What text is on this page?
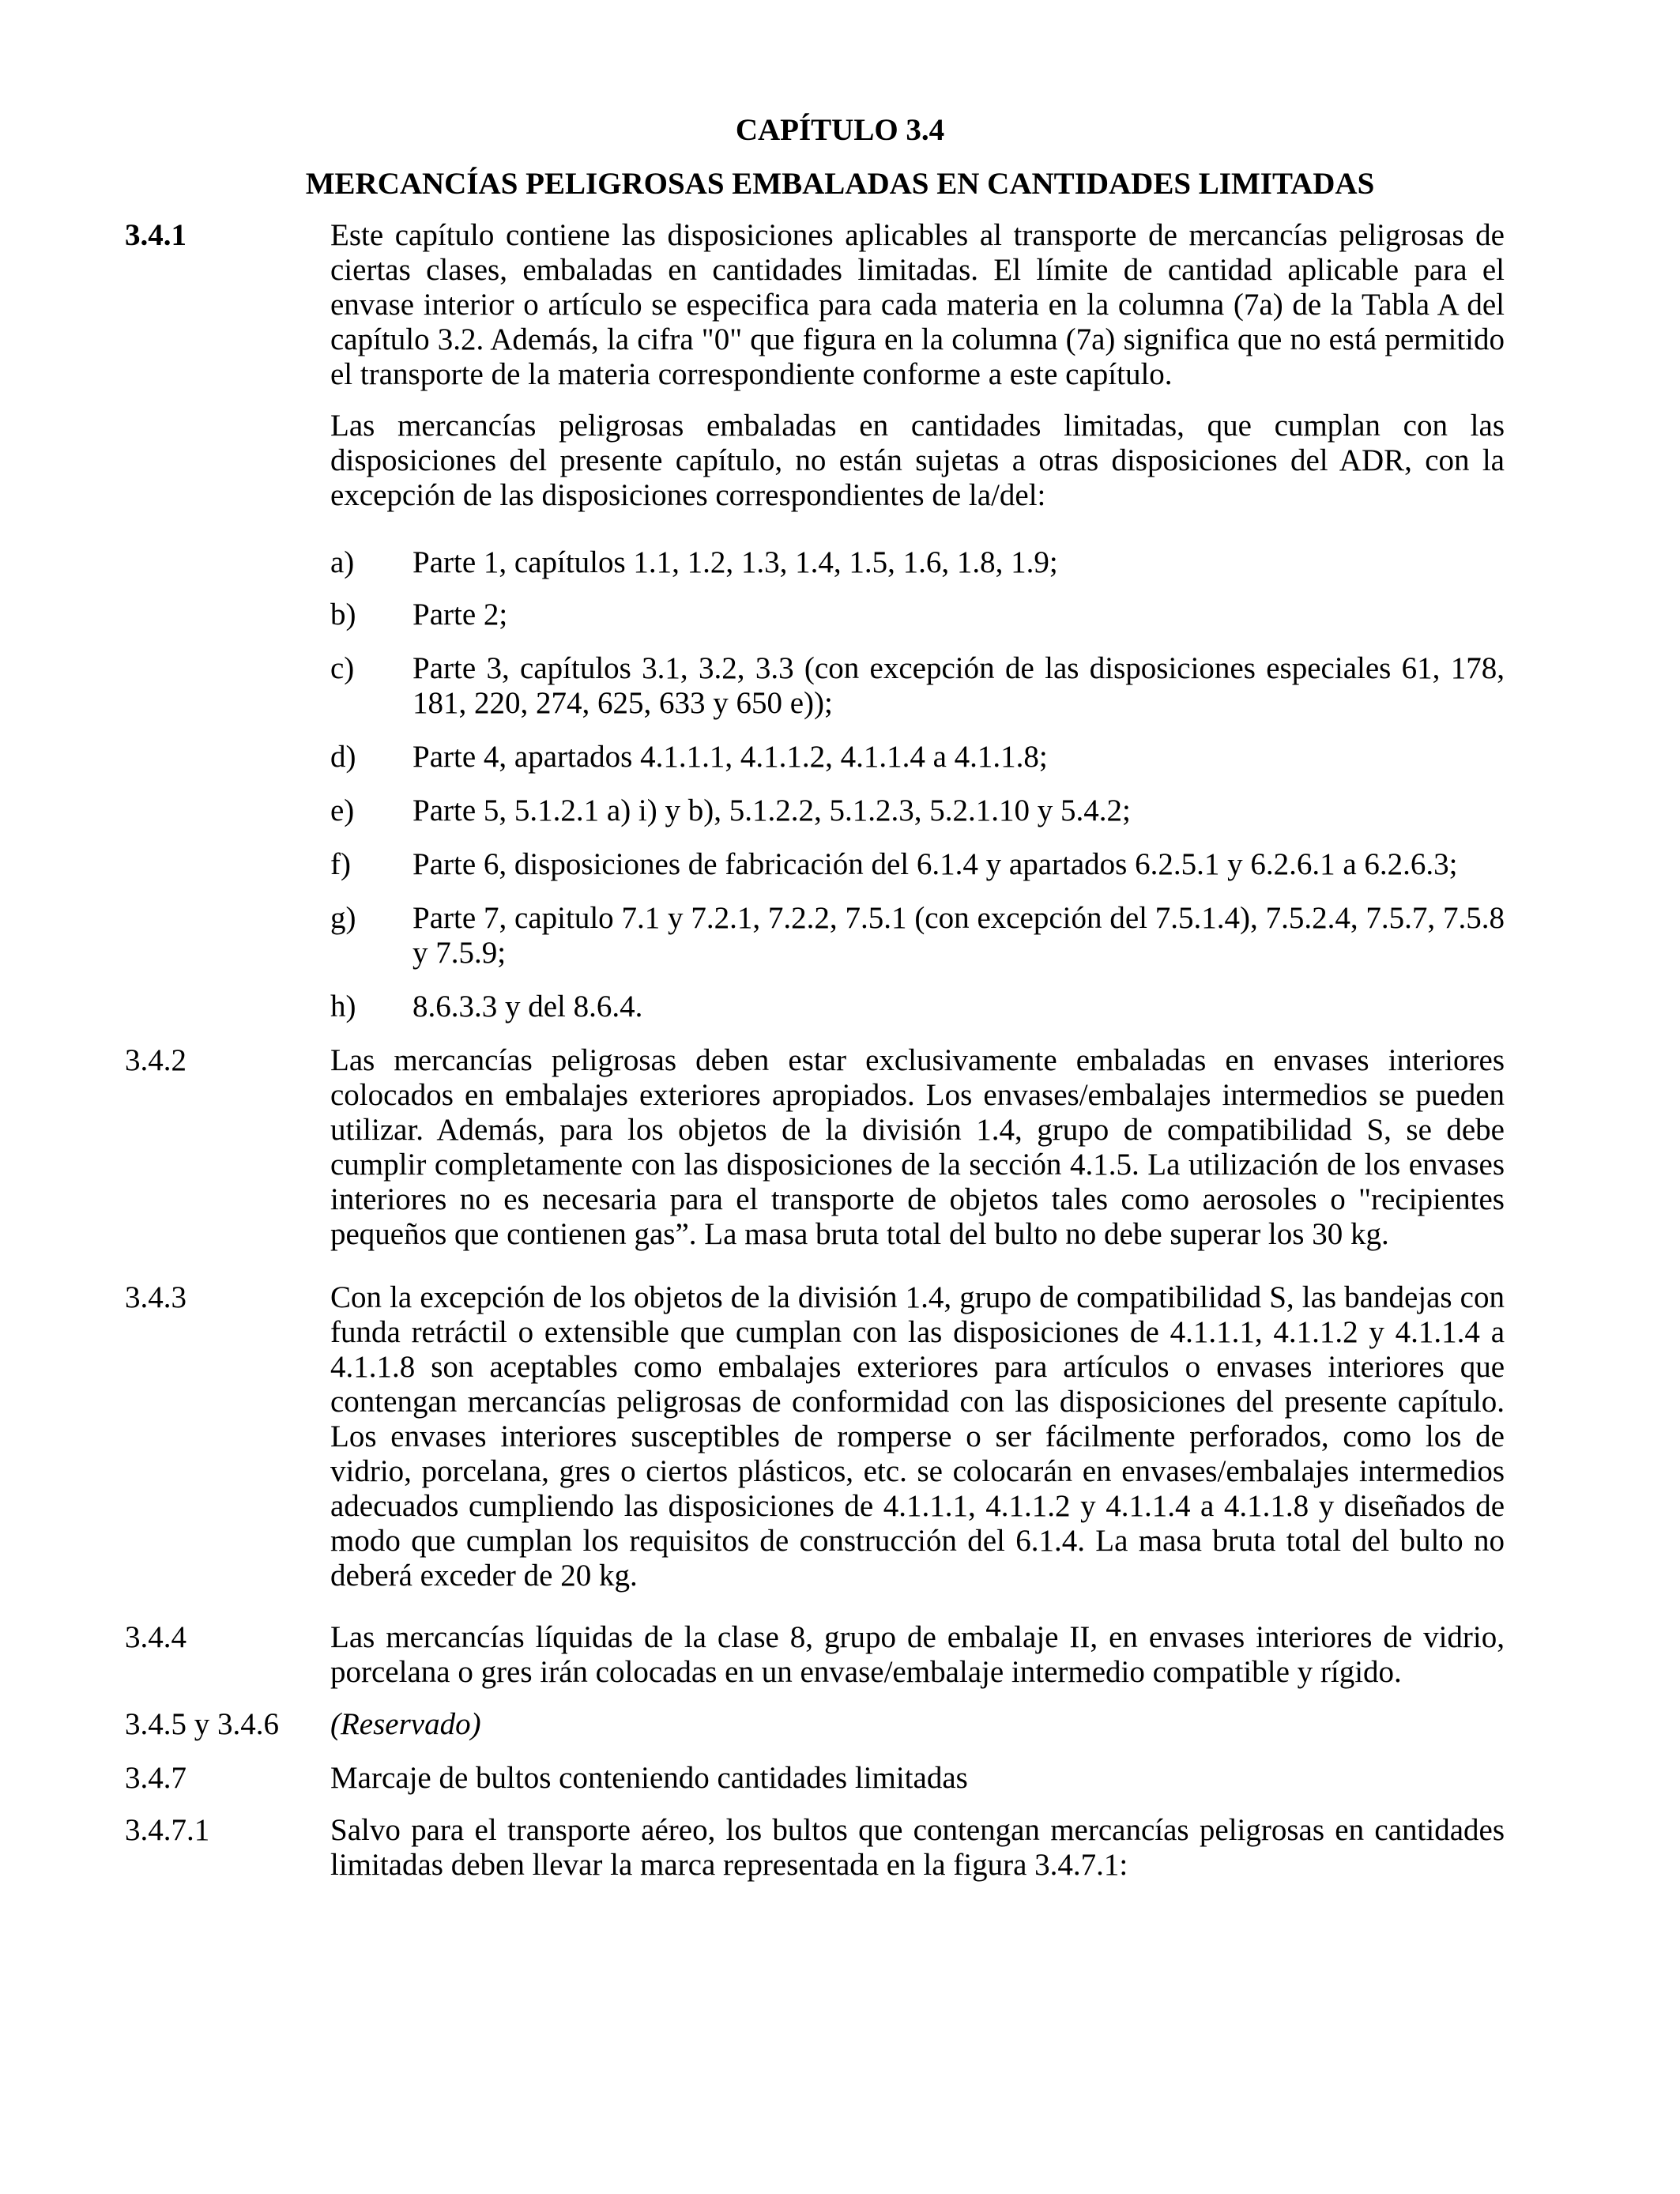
CAPÍTULO 3.4
MERCANCÍAS PELIGROSAS EMBALADAS EN CANTIDADES LIMITADAS
3.4.1	Este capítulo contiene las disposiciones aplicables al transporte de mercancías peligrosas de ciertas clases, embaladas en cantidades limitadas. El límite de cantidad aplicable para el envase interior o artículo se especifica para cada materia en la columna (7a) de la Tabla A del capítulo 3.2. Además, la cifra "0" que figura en la columna (7a) significa que no está permitido el transporte de la materia correspondiente conforme a este capítulo.

Las mercancías peligrosas embaladas en cantidades limitadas, que cumplan con las disposiciones del presente capítulo, no están sujetas a otras disposiciones del ADR, con la excepción de las disposiciones correspondientes de la/del:

a) Parte 1, capítulos 1.1, 1.2, 1.3, 1.4, 1.5, 1.6, 1.8, 1.9;
b) Parte 2;
c) Parte 3, capítulos 3.1, 3.2, 3.3 (con excepción de las disposiciones especiales 61, 178, 181, 220, 274, 625, 633 y 650 e));
d) Parte 4, apartados 4.1.1.1, 4.1.1.2, 4.1.1.4 a 4.1.1.8;
e) Parte 5, 5.1.2.1 a) i) y b), 5.1.2.2, 5.1.2.3, 5.2.1.10 y 5.4.2;
f) Parte 6, disposiciones de fabricación del 6.1.4 y apartados 6.2.5.1 y 6.2.6.1 a 6.2.6.3;
g) Parte 7, capitulo 7.1 y 7.2.1, 7.2.2, 7.5.1 (con excepción del 7.5.1.4), 7.5.2.4, 7.5.7, 7.5.8 y 7.5.9;
h) 8.6.3.3 y del 8.6.4.
3.4.2	Las mercancías peligrosas deben estar exclusivamente embaladas en envases interiores colocados en embalajes exteriores apropiados. Los envases/embalajes intermedios se pueden utilizar. Además, para los objetos de la división 1.4, grupo de compatibilidad S, se debe cumplir completamente con las disposiciones de la sección 4.1.5. La utilización de los envases interiores no es necesaria para el transporte de objetos tales como aerosoles o "recipientes pequeños que contienen gas”. La masa bruta total del bulto no debe superar los 30 kg.

3.4.3	Con la excepción de los objetos de la división 1.4, grupo de compatibilidad S, las bandejas con funda retráctil o extensible que cumplan con las disposiciones de 4.1.1.1, 4.1.1.2 y 4.1.1.4 a 4.1.1.8 son aceptables como embalajes exteriores para artículos o envases interiores que contengan mercancías peligrosas de conformidad con las disposiciones del presente capítulo. Los envases interiores susceptibles de romperse o ser fácilmente perforados, como los de vidrio, porcelana, gres o ciertos plásticos, etc. se colocarán en envases/embalajes intermedios adecuados cumpliendo las disposiciones de 4.1.1.1, 4.1.1.2 y 4.1.1.4 a 4.1.1.8 y diseñados de modo que cumplan los requisitos de construcción del 6.1.4. La masa bruta total del bulto no deberá exceder de 20 kg.

3.4.4	Las mercancías líquidas de la clase 8, grupo de embalaje II, en envases interiores de vidrio, porcelana o gres irán colocadas en un envase/embalaje intermedio compatible y rígido.

3.4.5 y 3.4.6 (Reservado)

3.4.7	Marcaje de bultos conteniendo cantidades limitadas

3.4.7.1	Salvo para el transporte aéreo, los bultos que contengan mercancías peligrosas en cantidades limitadas deben llevar la marca representada en la figura 3.4.7.1:
